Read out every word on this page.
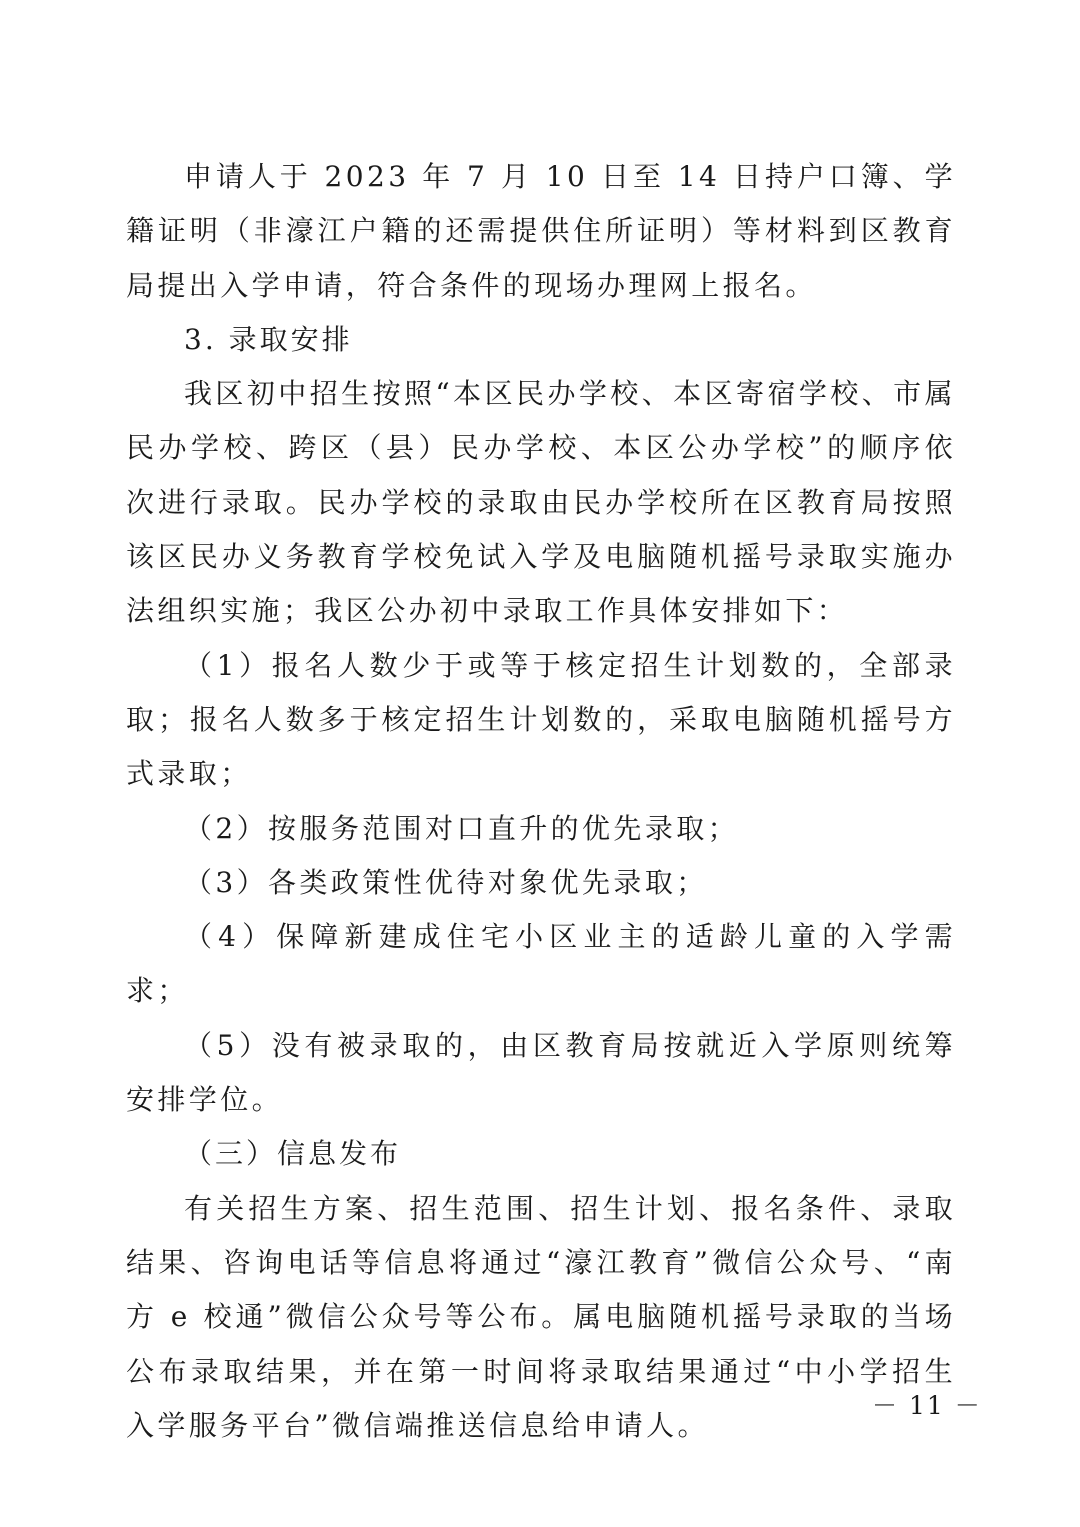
申请人于 2023 年 7 月 10 日至 14 日持户口簿、学籍证明（非濠江户籍的还需提供住所证明）等材料到区教育局提出入学申请，符合条件的现场办理网上报名。

3. 录取安排

我区初中招生按照“本区民办学校、本区寄宿学校、市属民办学校、跨区（县）民办学校、本区公办学校”的顺序依次进行录取。民办学校的录取由民办学校所在区教育局按照该区民办义务教育学校免试入学及电脑随机摇号录取实施办法组织实施；我区公办初中录取工作具体安排如下：

（1）报名人数少于或等于核定招生计划数的，全部录取；报名人数多于核定招生计划数的，采取电脑随机摇号方式录取；

（2）按服务范围对口直升的优先录取；

（3）各类政策性优待对象优先录取；

（4）保障新建成住宅小区业主的适龄儿童的入学需求；

（5）没有被录取的，由区教育局按就近入学原则统筹安排学位。

（三）信息发布

有关招生方案、招生范围、招生计划、报名条件、录取结果、咨询电话等信息将通过“濠江教育”微信公众号、“南方 e 校通”微信公众号等公布。属电脑随机摇号录取的当场公布录取结果，并在第一时间将录取结果通过“中小学招生入学服务平台”微信端推送信息给申请人。

－ 11 －
